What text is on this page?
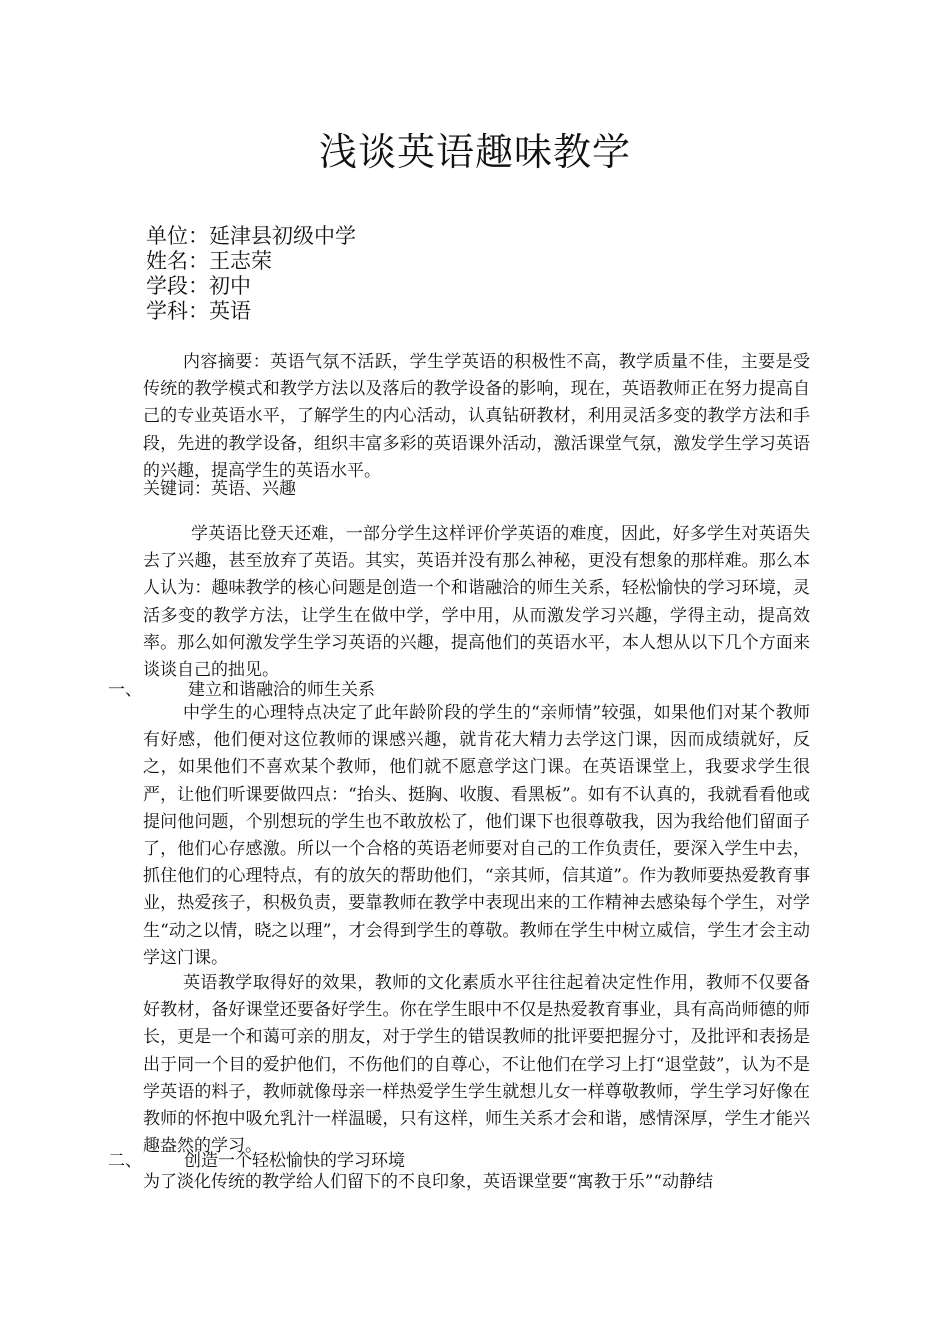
浅谈英语趣味教学
单位：延津县初级中学
姓名：王志荣
学段：初中
学科：英语
内容摘要：英语气氛不活跃，学生学英语的积极性不高，教学质量不佳，主要是受传统的教学模式和教学方法以及落后的教学设备的影响，现在，英语教师正在努力提高自己的专业英语水平，了解学生的内心活动，认真钻研教材，利用灵活多变的教学方法和手段，先进的教学设备，组织丰富多彩的英语课外活动，激活课堂气氛，激发学生学习英语的兴趣，提高学生的英语水平。
关键词：英语、兴趣
学英语比登天还难，一部分学生这样评价学英语的难度，因此，好多学生对英语失去了兴趣，甚至放弃了英语。其实，英语并没有那么神秘，更没有想象的那样难。那么本人认为：趣味教学的核心问题是创造一个和谐融洽的师生关系，轻松愉快的学习环境，灵活多变的教学方法，让学生在做中学，学中用，从而激发学习兴趣，学得主动，提高效率。那么如何激发学生学习英语的兴趣，提高他们的英语水平，本人想从以下几个方面来谈谈自己的拙见。
一、	建立和谐融洽的师生关系
中学生的心理特点决定了此年龄阶段的学生的“亲师情”较强，如果他们对某个教师有好感，他们便对这位教师的课感兴趣，就肯花大精力去学这门课，因而成绩就好，反之，如果他们不喜欢某个教师，他们就不愿意学这门课。在英语课堂上，我要求学生很严，让他们听课要做四点：“抬头、挺胸、收腹、看黑板”。如有不认真的，我就看看他或提问他问题，个别想玩的学生也不敢放松了，他们课下也很尊敬我，因为我给他们留面子了，他们心存感激。所以一个合格的英语老师要对自己的工作负责任，要深入学生中去，抓住他们的心理特点，有的放矢的帮助他们，“亲其师，信其道”。作为教师要热爱教育事业，热爱孩子，积极负责，要靠教师在教学中表现出来的工作精神去感染每个学生，对学生“动之以情，晓之以理”，才会得到学生的尊敬。教师在学生中树立威信，学生才会主动学这门课。
英语教学取得好的效果，教师的文化素质水平往往起着决定性作用，教师不仅要备好教材，备好课堂还要备好学生。你在学生眼中不仅是热爱教育事业，具有高尚师德的师长，更是一个和蔼可亲的朋友，对于学生的错误教师的批评要把握分寸，及批评和表扬是出于同一个目的爱护他们，不伤他们的自尊心，不让他们在学习上打“退堂鼓”，认为不是学英语的料子，教师就像母亲一样热爱学生学生就想儿女一样尊敬教师，学生学习好像在教师的怀抱中吸允乳汁一样温暖，只有这样，师生关系才会和谐，感情深厚，学生才能兴趣盎然的学习。
二、 创造一个轻松愉快的学习环境
为了淡化传统的教学给人们留下的不良印象，英语课堂要“寓教于乐”“动静结
